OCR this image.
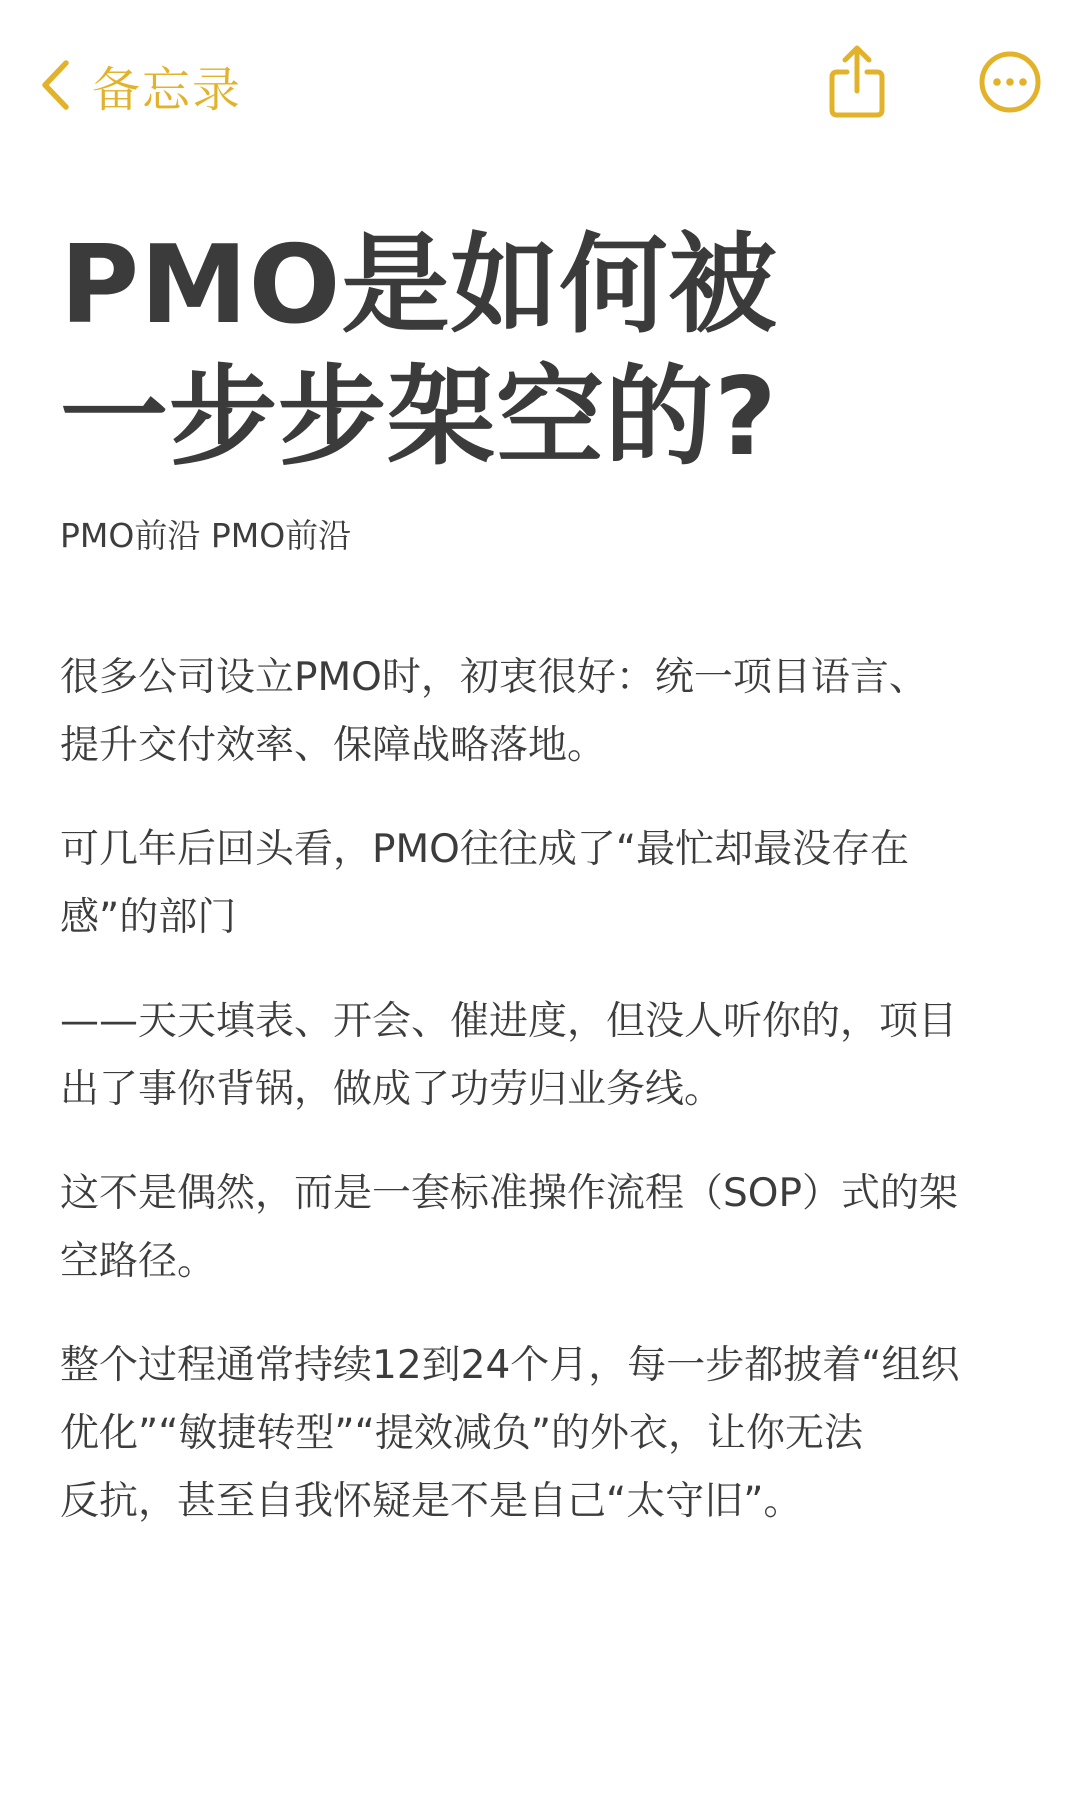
备忘录
PMO是如何被
一步步架空的?
PMO前沿 PMO前沿

很多公司设立PMO时，初衷很好：统一项目语言、
提升交付效率、保障战略落地。

可几年后回头看，PMO往往成了“最忙却最没存在
感”的部门

——天天填表、开会、催进度，但没人听你的，项目
出了事你背锅，做成了功劳归业务线。

这不是偶然，而是一套标准操作流程（SOP）式的架
空路径。

整个过程通常持续12到24个月，每一步都披着“组织
优化”“敏捷转型”“提效减负”的外衣，让你无法
反抗，甚至自我怀疑是不是自己“太守旧”。
